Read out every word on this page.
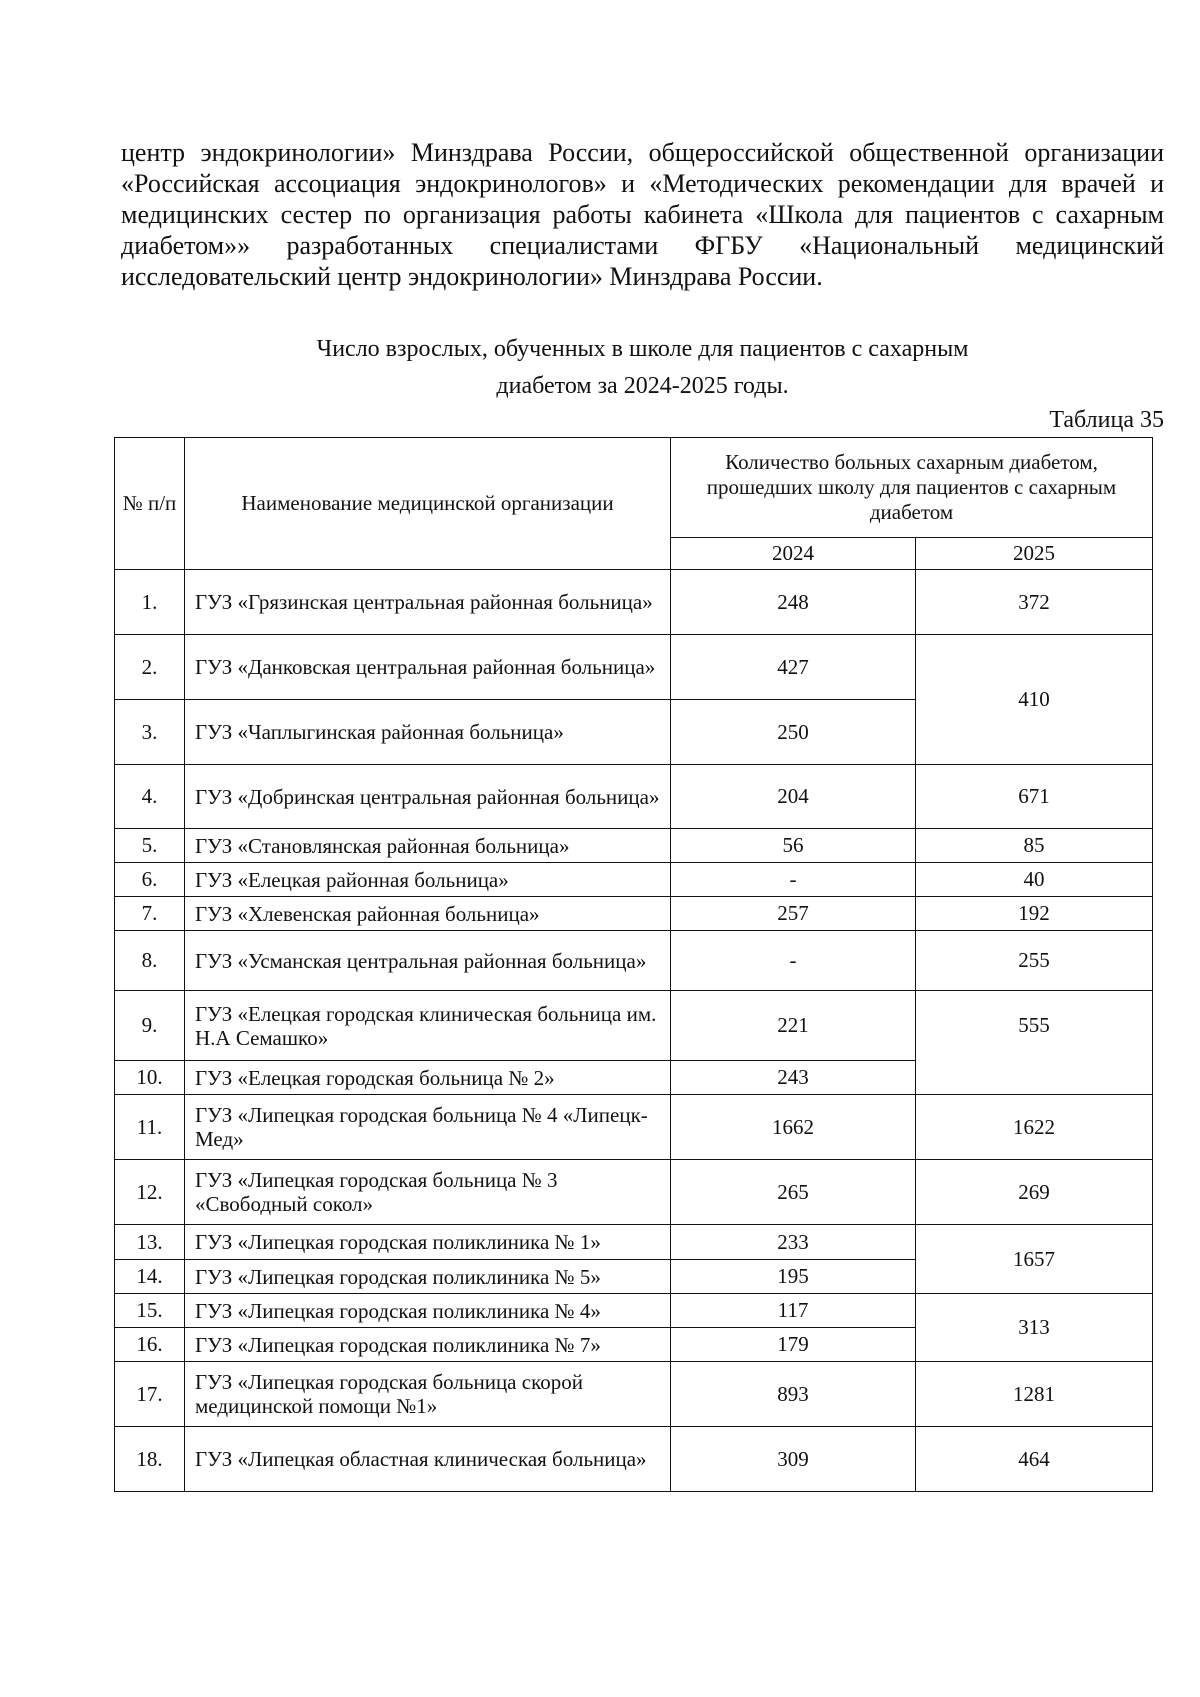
центр эндокринологии» Минздрава России, общероссийской общественной организации «Российская ассоциация эндокринологов» и «Методических рекомендации для врачей и медицинских сестер по организация работы кабинета «Школа для пациентов с сахарным диабетом»» разработанных специалистами ФГБУ «Национальный медицинский исследовательский центр эндокринологии» Минздрава России.

Число взрослых, обученных в школе для пациентов с сахарным

диабетом за 2024-2025 годы.

Таблица 35

№ п/п	Наименование медицинской организации	Количество больных сахарным диабетом, прошедших школу для пациентов с сахарным диабетом	
		2024	2025
1.	ГУЗ «Грязинская центральная районная больница»	248	372
2.	ГУЗ «Данковская центральная районная больница»	427	410
3.	ГУЗ «Чаплыгинская районная больница»	250	
4.	ГУЗ «Добринская центральная районная больница»	204	671
5.	ГУЗ «Становлянская районная больница»	56	85
6.	ГУЗ «Елецкая районная больница»	-	40
7.	ГУЗ «Хлевенская районная больница»	257	192
8.	ГУЗ «Усманская центральная районная больница»	-	255
9.	ГУЗ «Елецкая городская клиническая больница им. Н.А Семашко»	221	555
10.	ГУЗ «Елецкая городская больница № 2»	243	
11.	ГУЗ «Липецкая городская больница № 4 «Липецк-Мед»	1662	1622
12.	ГУЗ «Липецкая городская больница № 3 «Свободный сокол»	265	269
13.	ГУЗ «Липецкая городская поликлиника № 1»	233	1657
14.	ГУЗ «Липецкая городская поликлиника № 5»	195	
15.	ГУЗ «Липецкая городская поликлиника № 4»	117	313
16.	ГУЗ «Липецкая городская поликлиника № 7»	179	
17.	ГУЗ «Липецкая городская больница скорой медицинской помощи №1»	893	1281
18.	ГУЗ «Липецкая областная клиническая больница»	309	464
